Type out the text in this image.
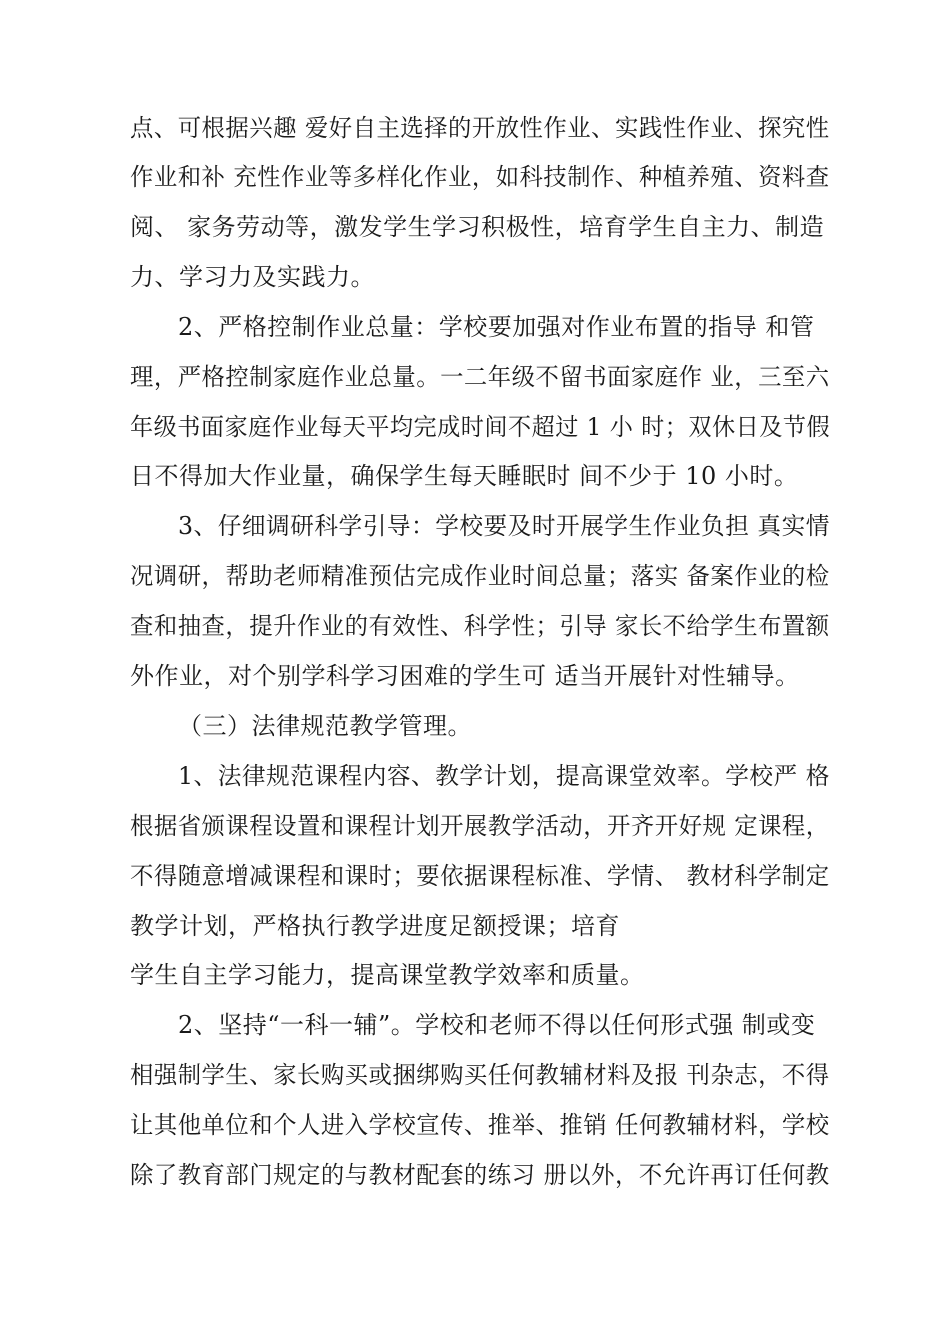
点、可根据兴趣 爱好自主选择的开放性作业、实践性作业、探究性
作业和补 充性作业等多样化作业，如科技制作、种植养殖、资料查
阅、 家务劳动等，激发学生学习积极性，培育学生自主力、制造
力、学习力及实践力。
2、严格控制作业总量：学校要加强对作业布置的指导 和管
理，严格控制家庭作业总量。一二年级不留书面家庭作 业，三至六
年级书面家庭作业每天平均完成时间不超过 1 小 时；双休日及节假
日不得加大作业量，确保学生每天睡眠时 间不少于 10 小时。
3、仔细调研科学引导：学校要及时开展学生作业负担 真实情
况调研，帮助老师精准预估完成作业时间总量；落实 备案作业的检
查和抽查，提升作业的有效性、科学性；引导 家长不给学生布置额
外作业，对个别学科学习困难的学生可 适当开展针对性辅导。
（三）法律规范教学管理。
1、法律规范课程内容、教学计划，提高课堂效率。学校严 格
根据省颁课程设置和课程计划开展教学活动，开齐开好规 定课程，
不得随意增减课程和课时；要依据课程标准、学情、 教材科学制定
教学计划，严格执行教学进度足额授课；培育
学生自主学习能力，提高课堂教学效率和质量。
2、坚持“一科一辅”。学校和老师不得以任何形式强 制或变
相强制学生、家长购买或捆绑购买任何教辅材料及报 刊杂志，不得
让其他单位和个人进入学校宣传、推举、推销 任何教辅材料，学校
除了教育部门规定的与教材配套的练习 册以外，不允许再订任何教
